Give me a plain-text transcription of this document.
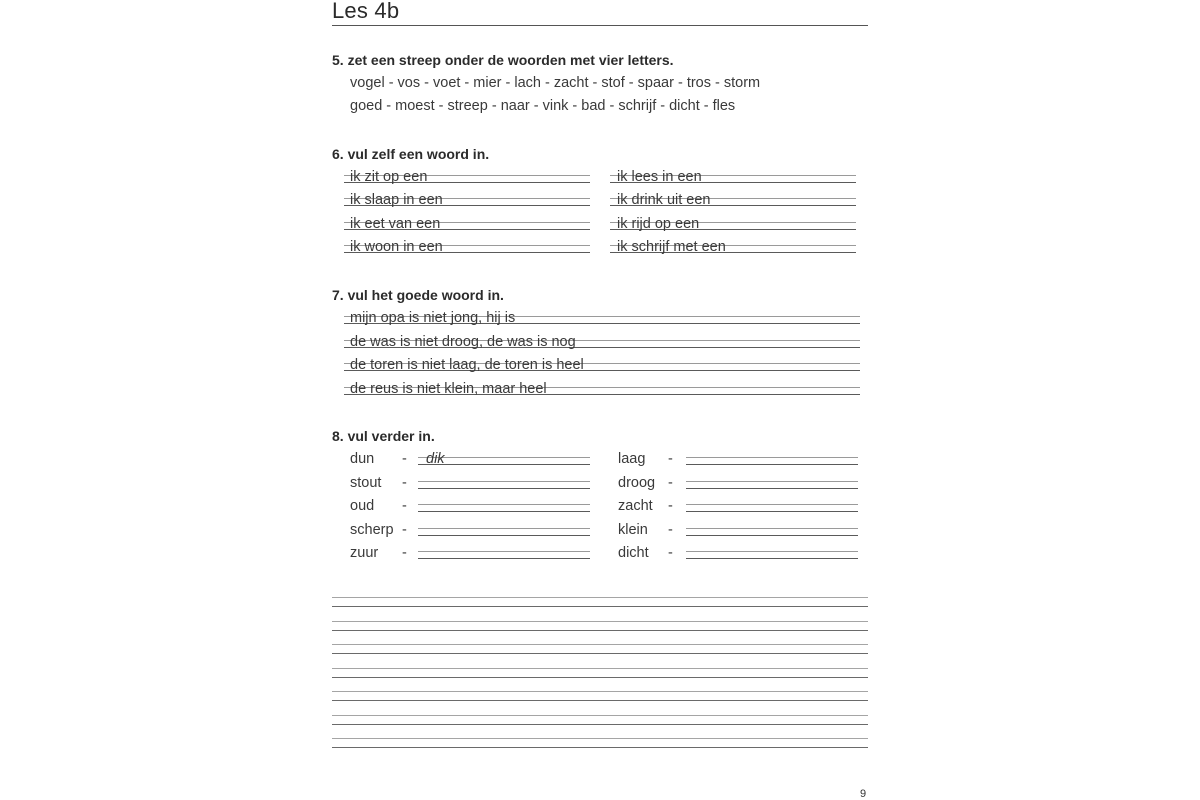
Les 4b
5. zet een streep onder de woorden met vier letters.
vogel - vos - voet - mier - lach - zacht - stof - spaar - tros - storm
goed - moest - streep - naar - vink - bad - schrijf - dicht - fles
6. vul zelf een woord in.
ik zit op een
ik slaap in een
ik eet van een
ik woon in een
ik lees in een
ik drink uit een
ik rijd op een
ik schrijf met een
7. vul het goede woord in.
mijn opa is niet jong, hij is
de was is niet droog, de was is nog
de toren is niet laag, de toren is heel
de reus is niet klein, maar heel
8. vul verder in.
dun - dik
stout -
oud -
scherp -
zuur -
laag -
droog -
zacht -
klein -
dicht -
9
